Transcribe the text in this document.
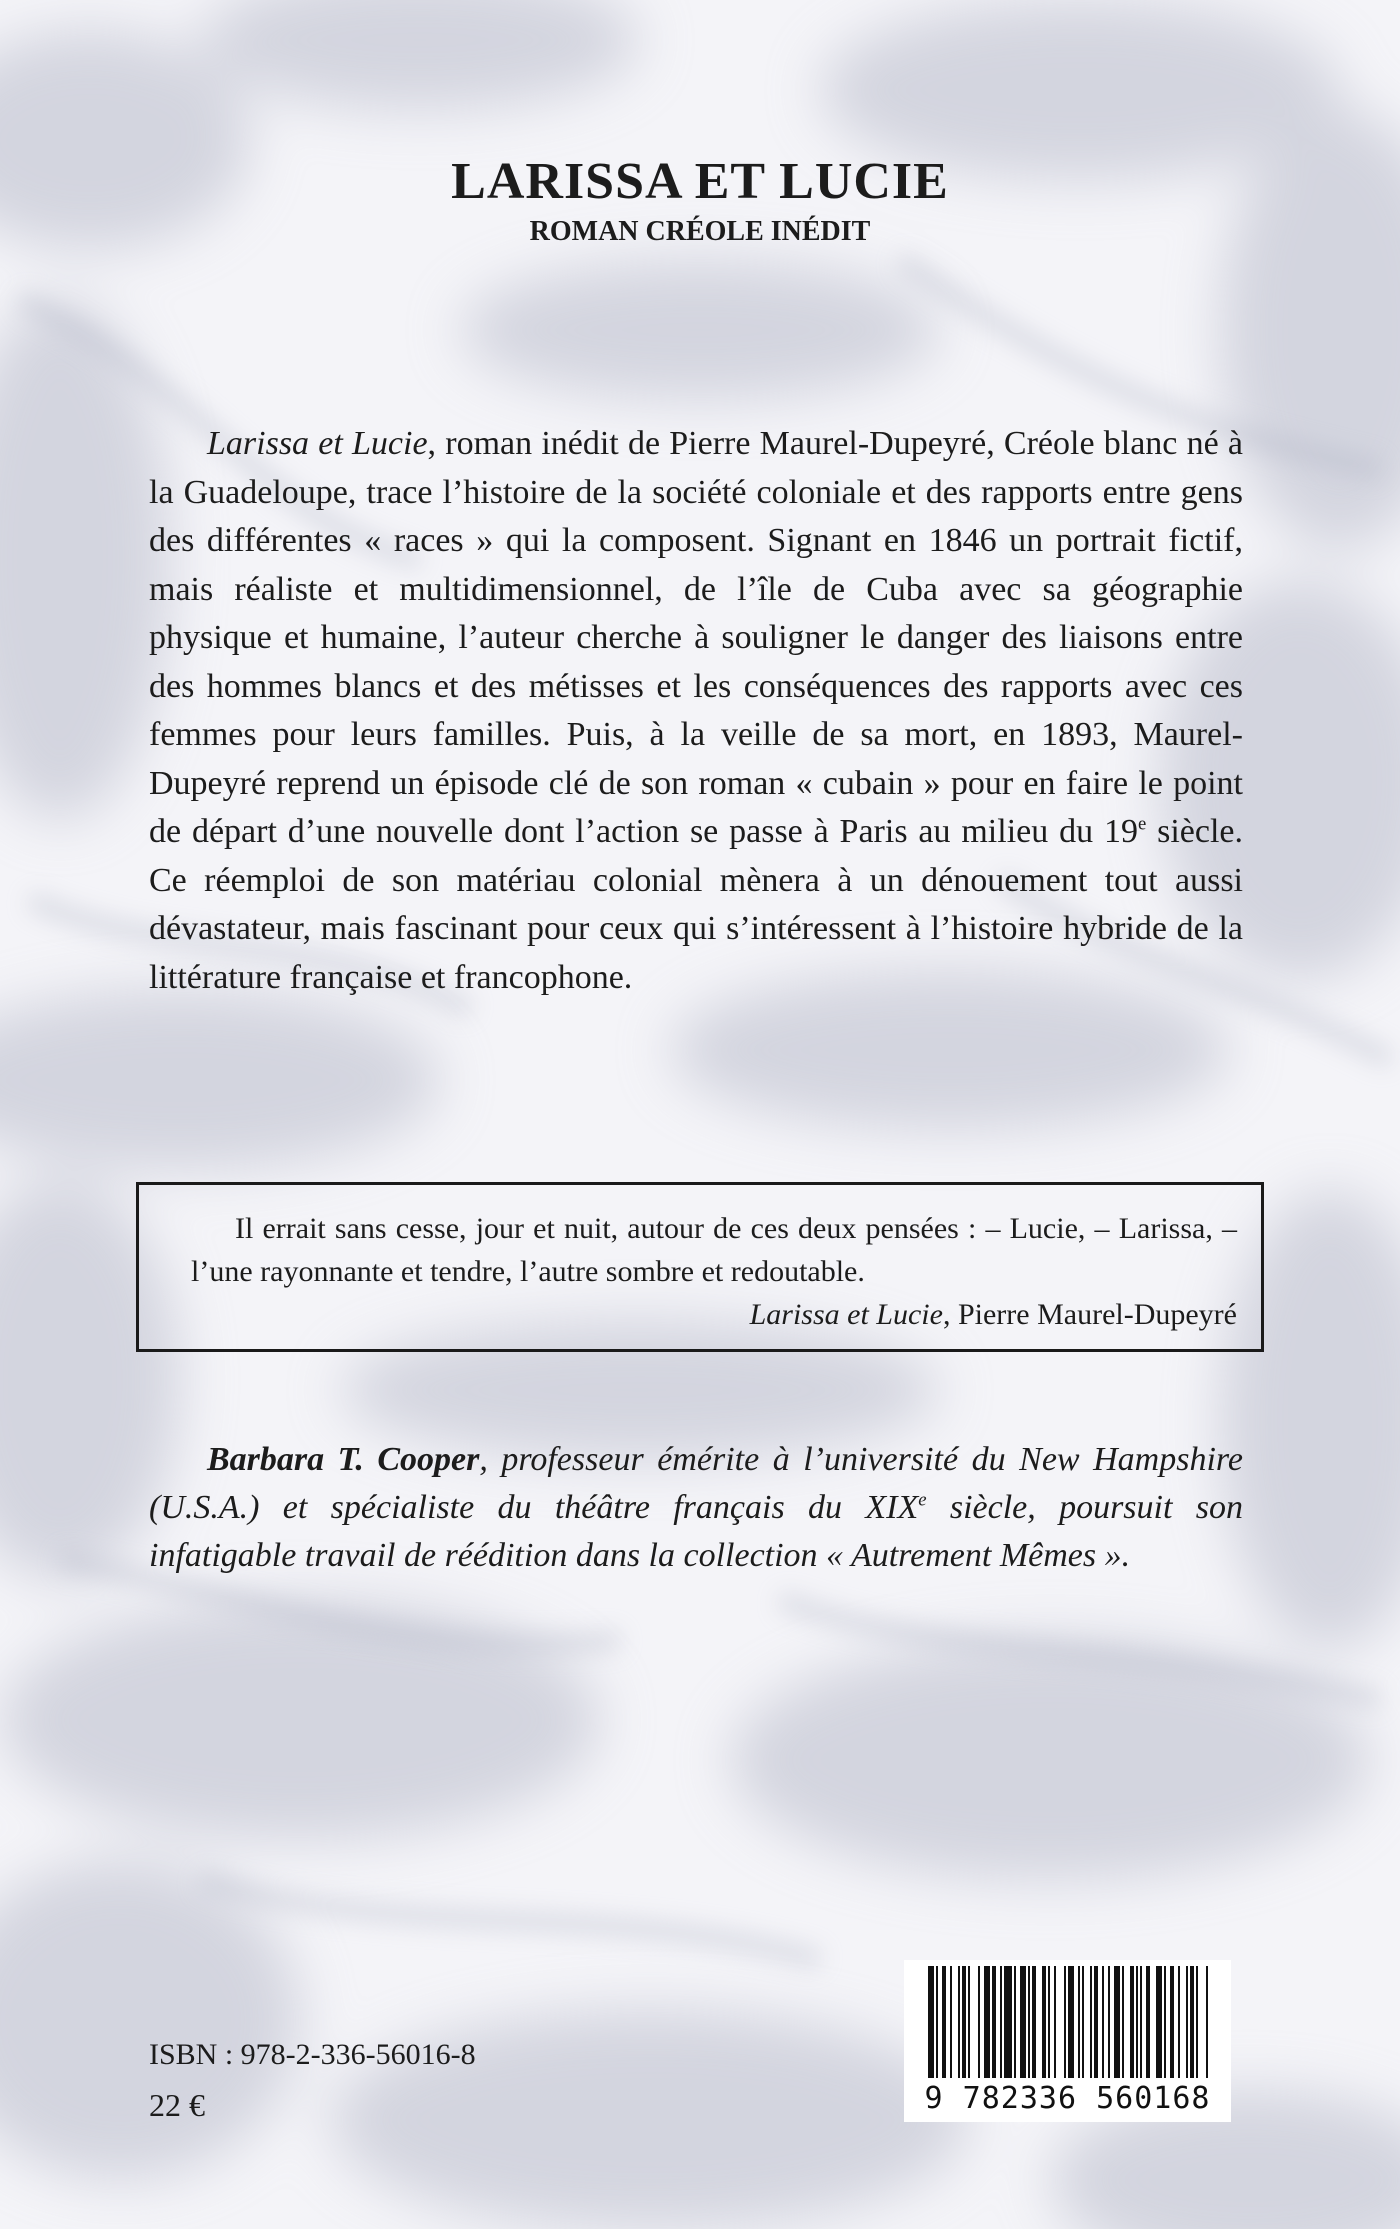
LARISSA ET LUCIE
ROMAN CRÉOLE INÉDIT

Larissa et Lucie, roman inédit de Pierre Maurel-Dupeyré, Créole blanc né à la Guadeloupe, trace l’histoire de la société coloniale et des rapports entre gens des différentes « races » qui la composent. Signant en 1846 un portrait fictif, mais réaliste et multidimensionnel, de l’île de Cuba avec sa géographie physique et humaine, l’auteur cherche à souligner le danger des liaisons entre des hommes blancs et des métisses et les conséquences des rapports avec ces femmes pour leurs familles. Puis, à la veille de sa mort, en 1893, Maurel-Dupeyré reprend un épisode clé de son roman « cubain » pour en faire le point de départ d’une nouvelle dont l’action se passe à Paris au milieu du 19e siècle. Ce réemploi de son matériau colonial mènera à un dénouement tout aussi dévastateur, mais fascinant pour ceux qui s’intéressent à l’histoire hybride de la littérature française et francophone.

Il errait sans cesse, jour et nuit, autour de ces deux pensées : – Lucie, – Larissa, – l’une rayonnante et tendre, l’autre sombre et redoutable.

Larissa et Lucie, Pierre Maurel-Dupeyré

Barbara T. Cooper, professeur émérite à l’université du New Hampshire (U.S.A.) et spécialiste du théâtre français du XIXe siècle, poursuit son infatigable travail de réédition dans la collection « Autrement Mêmes ».

ISBN : 978-2-336-56016-8
22 €	9 782336 560168
